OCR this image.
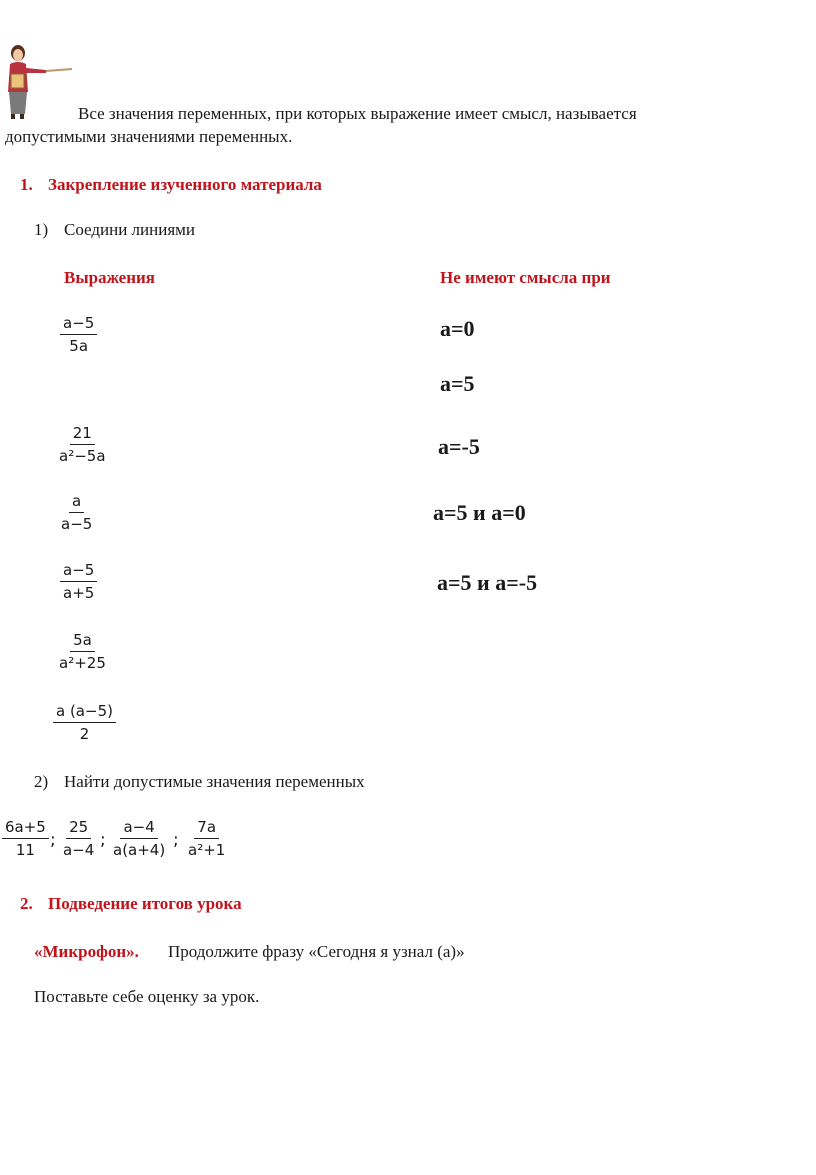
Все значения переменных, при которых выражение имеет смысл, называется
допустимыми значениями переменных.
1. Закрепление изученного материала
1) Соедини линиями
Выражения	Не имеют смысла при
$\frac{a-5}{5a}$
$\frac{21}{\text{a²−5a}}$
$\frac{a}{a-5}$
$\frac{a-5}{a+5}$
$\frac{5a}{\text{a²+25}}$
$\frac{a (a-5)}{2}$
a=0
a=5
a=-5
a=5 и a=0
a=5 и a=-5
2) Найти допустимые значения переменных
$\frac{6a+5}{11}$ ; $\frac{25}{a-4}$ ; $\frac{a-4}{a(a+4)}$ ; $\frac{7a}{\text{a²+1}}$
2. Подведение итогов урока
«Микрофон». Продолжите фразу «Сегодня я узнал (а)»
Поставьте себе оценку за урок.
